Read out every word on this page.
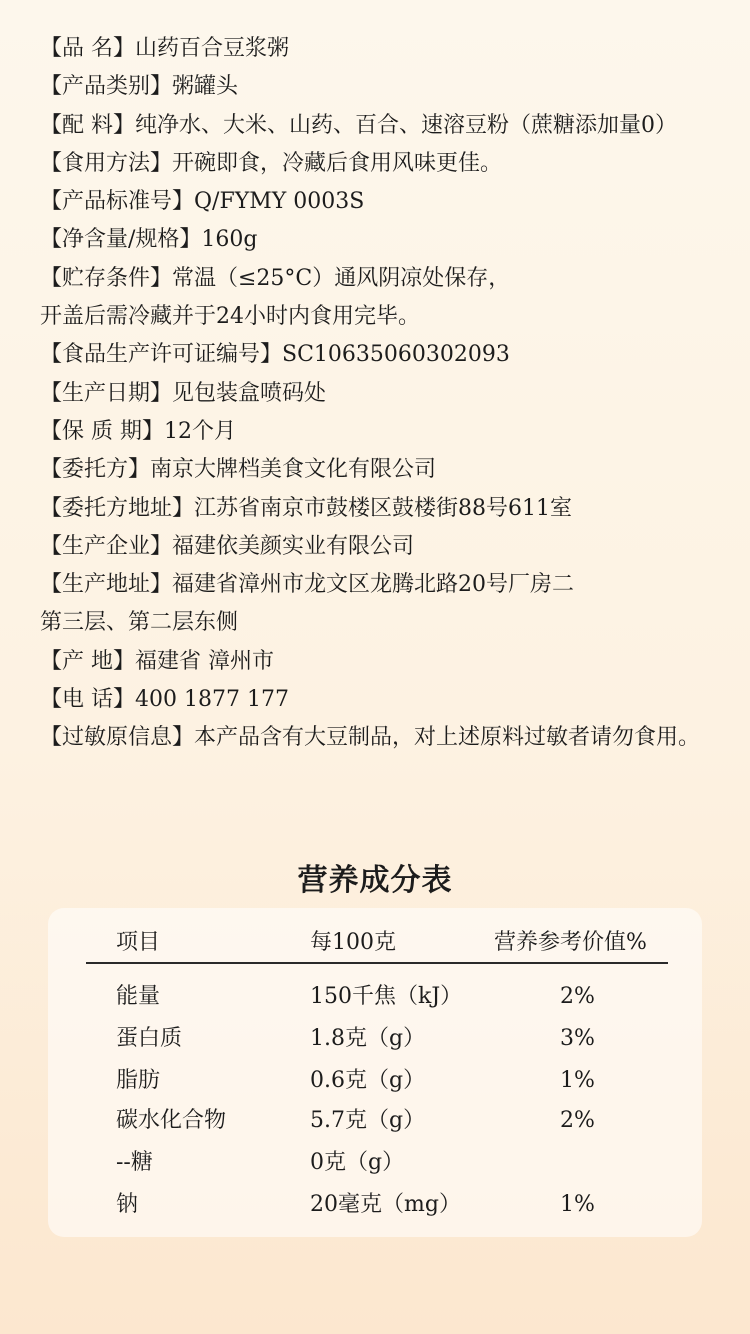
【品 名】山药百合豆浆粥
【产品类别】粥罐头
【配 料】纯净水、大米、山药、百合、速溶豆粉（蔗糖添加量0）
【食用方法】开碗即食，冷藏后食用风味更佳。
【产品标准号】Q/FYMY 0003S
【净含量/规格】160g
【贮存条件】常温（≤25°C）通风阴凉处保存，
开盖后需冷藏并于24小时内食用完毕。
【食品生产许可证编号】SC10635060302093
【生产日期】见包装盒喷码处
【保 质 期】12个月
【委托方】南京大牌档美食文化有限公司
【委托方地址】江苏省南京市鼓楼区鼓楼街88号611室
【生产企业】福建依美颜实业有限公司
【生产地址】福建省漳州市龙文区龙腾北路20号厂房二
第三层、第二层东侧
【产 地】福建省 漳州市
【电 话】400 1877 177
【过敏原信息】本产品含有大豆制品，对上述原料过敏者请勿食用。
营养成分表
项目	每100克	营养参考价值%
能量	150千焦（kJ）	2%
蛋白质	1.8克（g）	3%
脂肪	0.6克（g）	1%
碳水化合物	5.7克（g）	2%
--糖	0克（g）
钠	20毫克（mg）	1%
